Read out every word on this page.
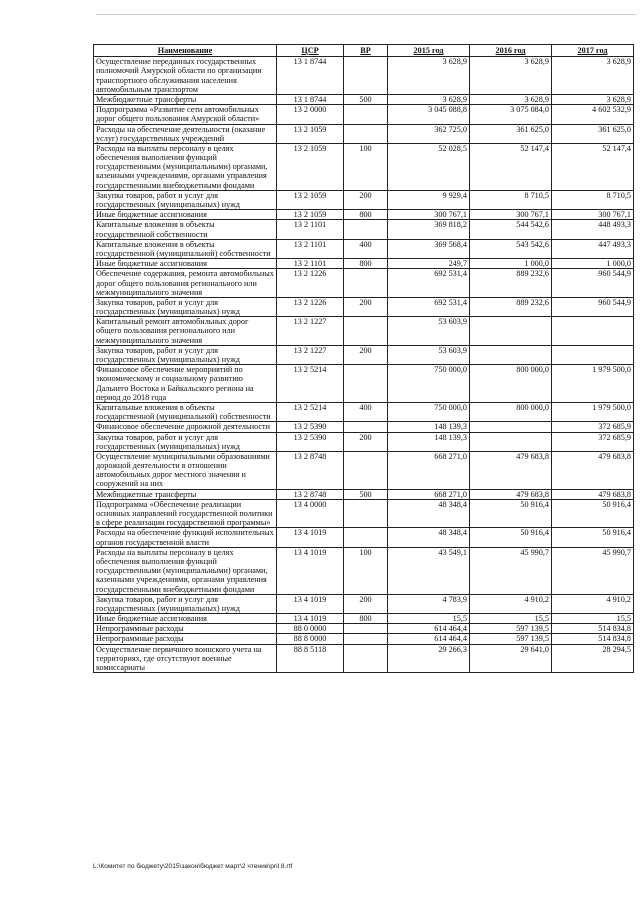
Наименование	ЦСР	ВР	2015 год	2016 год	2017 год
Осуществление переданных государственных полномочий Амурской области по организации транспортного обслуживания населения автомобильным транспортом	13 1 8744		3 628,9	3 628,9	3 628,9
Межбюджетные трансферты	13 1 8744	500	3 628,9	3 628,9	3 628,9
Подпрограмма «Развитие сети автомобильных дорог общего пользования Амурской области»	13 2 0000		3 045 088,8	3 075 084,0	4 602 532,9
Расходы на обеспечение деятельности (оказание услуг) государственных учреждений	13 2 1059		362 725,0	361 625,0	361 625,0
Расходы на выплаты персоналу в целях обеспечения выполнения функций государственными (муниципальными) органами, казенными учреждениями, органами управления государственными внебюджетными фондами	13 2 1059	100	52 028,5	52 147,4	52 147,4
Закупка товаров, работ и услуг для государственных (муниципальных) нужд	13 2 1059	200	9 929,4	8 710,5	8 710,5
Иные бюджетные ассигнования	13 2 1059	800	300 767,1	300 767,1	300 767,1
Капитальные вложения в объекты государственной собственности	13 2 1101		369 818,2	544 542,6	448 493,3
Капитальные вложения в объекты государственной (муниципальной) собственности	13 2 1101	400	369 568,4	543 542,6	447 493,3
Иные бюджетные ассигнования	13 2 1101	800	249,7	1 000,0	1 000,0
Обеспечение содержания, ремонта автомобильных дорог общего пользования регионального или межмуниципального значения	13 2 1226		692 531,4	889 232,6	960 544,9
Закупка товаров, работ и услуг для государственных (муниципальных) нужд	13 2 1226	200	692 531,4	889 232,6	960 544,9
Капитальный ремонт автомобильных дорог общего пользования регионального или межмуниципального значения	13 2 1227		53 603,9		
Закупка товаров, работ и услуг для государственных (муниципальных) нужд	13 2 1227	200	53 603,9		
Финансовое обеспечение мероприятий по экономическому и социальному развитию Дальнего Востока и Байкальского региона на период до 2018 года	13 2 5214		750 000,0	800 000,0	1 979 500,0
Капитальные вложения в объекты государственной (муниципальной) собственности	13 2 5214	400	750 000,0	800 000,0	1 979 500,0
Финансовое обеспечение дорожной деятельности	13 2 5390		148 139,3		372 685,9
Закупка товаров, работ и услуг для государственных (муниципальных) нужд	13 2 5390	200	148 139,3		372 685,9
Осуществление муниципальными образованиями дорожной деятельности в отношении автомобильных дорог местного значения и сооружений на них	13 2 8748		668 271,0	479 683,8	479 683,8
Межбюджетные трансферты	13 2 8748	500	668 271,0	479 683,8	479 683,8
Подпрограмма «Обеспечение реализации основных направлений государственной политики в сфере реализации государственной программы»	13 4 0000		48 348,4	50 916,4	50 916,4
Расходы на обеспечение функций исполнительных органов государственной власти	13 4 1019		48 348,4	50 916,4	50 916,4
Расходы на выплаты персоналу в целях обеспечения выполнения функций государственными (муниципальными) органами, казенными учреждениями, органами управления государственными внебюджетными фондами	13 4 1019	100	43 549,1	45 990,7	45 990,7
Закупка товаров, работ и услуг для государственных (муниципальных) нужд	13 4 1019	200	4 783,9	4 910,2	4 910,2
Иные бюджетные ассигнования	13 4 1019	800	15,5	15,5	15,5
Непрограммные расходы	88 0 0000		614 464,4	597 139,5	514 834,8
Непрограммные расходы	88 8 0000		614 464,4	597 139,5	514 834,8
Осуществление первичного воинского учета на территориях, где отсутствуют военные комиссариаты	88 8 5118		29 266,3	29 641,0	28 294,5
L:\Комитет по бюджету\2015\закон\бюджет март\2 чтение\pril 8.rtf
